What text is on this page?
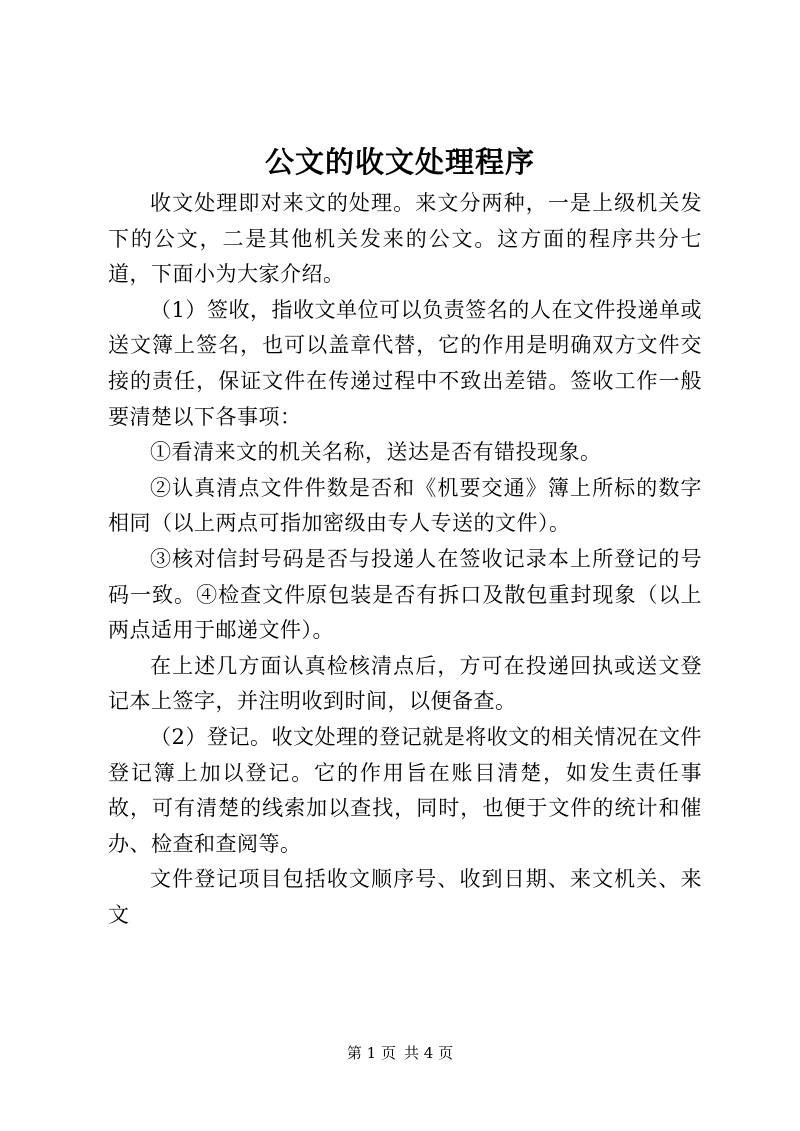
公文的收文处理程序

收文处理即对来文的处理。来文分两种，一是上级机关发下的公文，二是其他机关发来的公文。这方面的程序共分七道，下面小为大家介绍。

（1）签收，指收文单位可以负责签名的人在文件投递单或送文簿上签名，也可以盖章代替，它的作用是明确双方文件交接的责任，保证文件在传递过程中不致出差错。签收工作一般要清楚以下各事项：

①看清来文的机关名称，送达是否有错投现象。

②认真清点文件件数是否和《机要交通》簿上所标的数字相同（以上两点可指加密级由专人专送的文件）。

③核对信封号码是否与投递人在签收记录本上所登记的号码一致。④检查文件原包装是否有拆口及散包重封现象（以上两点适用于邮递文件）。

在上述几方面认真检核清点后，方可在投递回执或送文登记本上签字，并注明收到时间，以便备查。

（2）登记。收文处理的登记就是将收文的相关情况在文件登记簿上加以登记。它的作用旨在账目清楚，如发生责任事故，可有清楚的线索加以查找，同时，也便于文件的统计和催办、检查和查阅等。

文件登记项目包括收文顺序号、收到日期、来文机关、来文

第 1 页 共 4 页
